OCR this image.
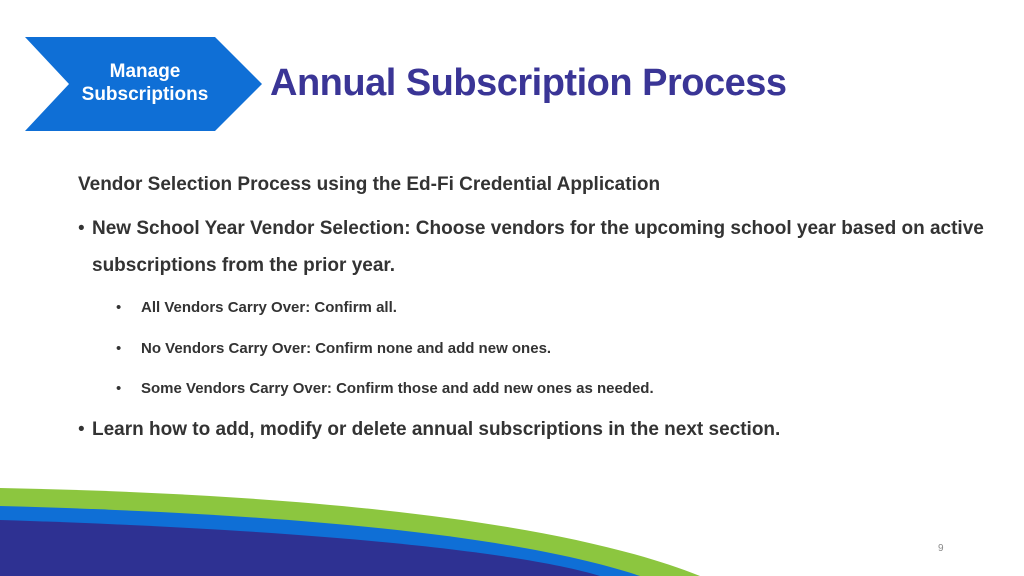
Manage
Subscriptions	Annual Subscription Process
Vendor Selection Process using the Ed-Fi Credential Application
• New School Year Vendor Selection: Choose vendors for the upcoming school year based on active subscriptions from the prior year.
• All Vendors Carry Over: Confirm all.
• No Vendors Carry Over: Confirm none and add new ones.
• Some Vendors Carry Over: Confirm those and add new ones as needed.
• Learn how to add, modify or delete annual subscriptions in the next section.
9
